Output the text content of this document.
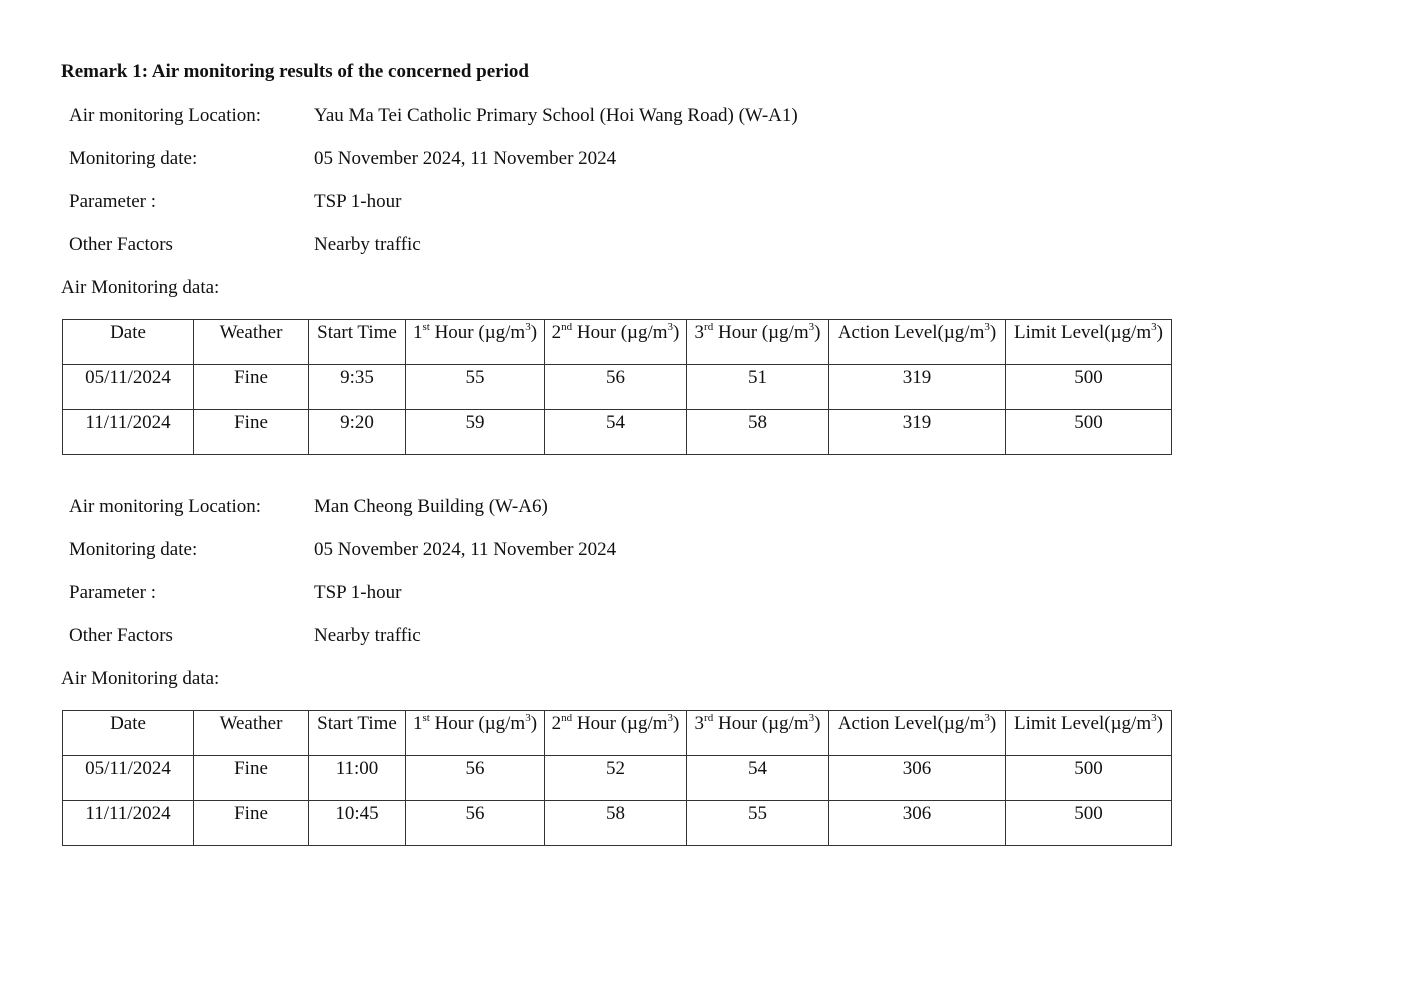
Remark 1: Air monitoring results of the concerned period
Air monitoring Location:	Yau Ma Tei Catholic Primary School (Hoi Wang Road) (W-A1)
Monitoring date:	05 November 2024, 11 November 2024
Parameter :	TSP 1-hour
Other Factors	Nearby traffic
Air Monitoring data:
Date	Weather	Start Time	1st Hour $(\mu g/m^3)$	2nd Hour $(\mu g/m^3)$	3rd Hour $(\mu g/m^3)$	Action $Level(\mu g/m^3)$	Limit $Level(\mu g/m^3)$
05/11/2024	Fine	9:35	55	56	51	319	500
11/11/2024	Fine	9:20	59	54	58	319	500
Air monitoring Location:	Man Cheong Building (W-A6)
Monitoring date:	05 November 2024, 11 November 2024
Parameter :	TSP 1-hour
Other Factors	Nearby traffic
Air Monitoring data:
Date	Weather	Start Time	1st Hour $(\mu g/m^3)$	2nd Hour $(\mu g/m^3)$	3rd Hour $(\mu g/m^3)$	Action $Level(\mu g/m^3)$	Limit $Level(\mu g/m^3)$
05/11/2024	Fine	11:00	56	52	54	306	500
11/11/2024	Fine	10:45	56	58	55	306	500
